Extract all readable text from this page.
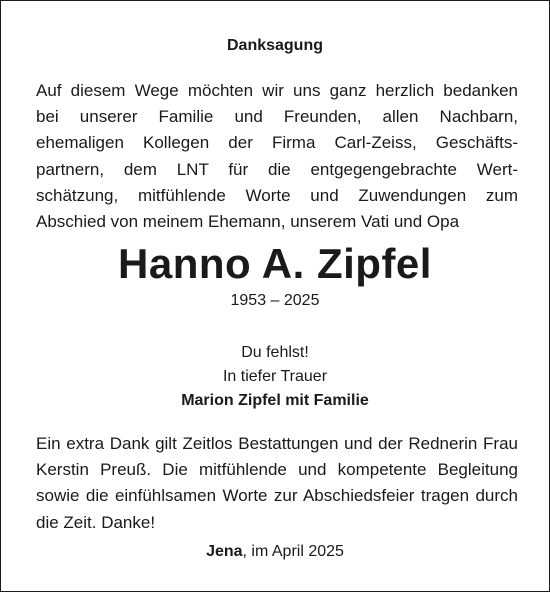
Danksagung
Auf diesem Wege möchten wir uns ganz herzlich bedanken
bei unserer Familie und Freunden, allen Nachbarn,
ehemaligen Kollegen der Firma Carl-Zeiss, Geschäfts-
partnern, dem LNT für die entgegengebrachte Wert-
schätzung, mitfühlende Worte und Zuwendungen zum
Abschied von meinem Ehemann, unserem Vati und Opa
Hanno A. Zipfel
1953 – 2025
Du fehlst!
In tiefer Trauer
Marion Zipfel mit Familie
Ein extra Dank gilt Zeitlos Bestattungen und der Rednerin Frau
Kerstin Preuß. Die mitfühlende und kompetente Begleitung
sowie die einfühlsamen Worte zur Abschiedsfeier tragen durch
die Zeit. Danke!
Jena, im April 2025
